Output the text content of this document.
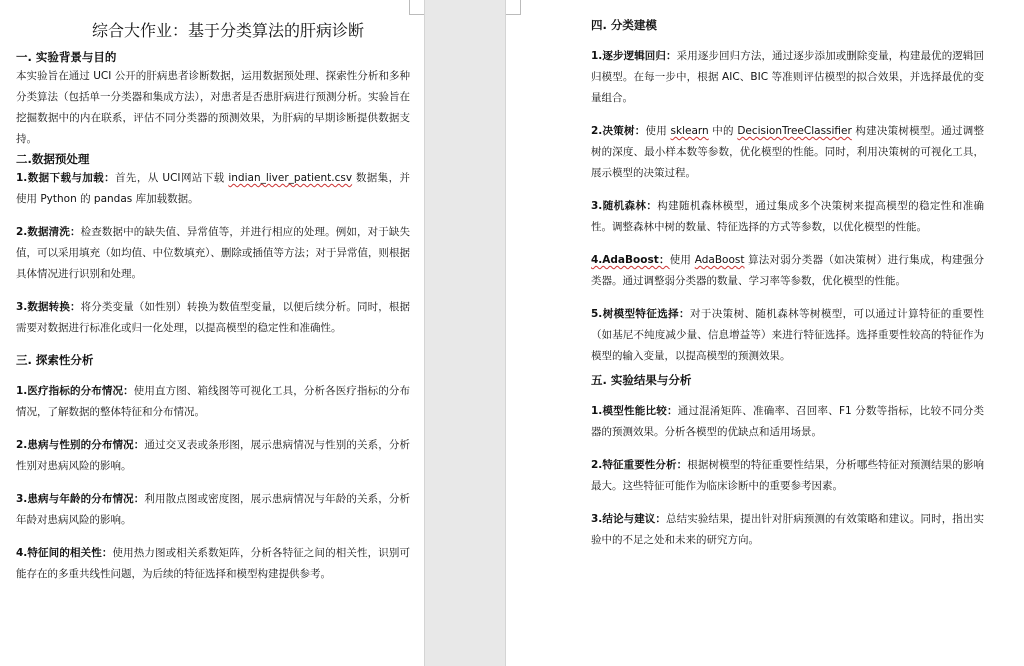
综合大作业：基于分类算法的肝病诊断

一. 实验背景与目的

本实验旨在通过 UCI 公开的肝病患者诊断数据，运用数据预处理、探索性分析和多种分类算法（包括单一分类器和集成方法），对患者是否患肝病进行预测分析。实验旨在挖掘数据中的内在联系，评估不同分类器的预测效果，为肝病的早期诊断提供数据支持。

二.数据预处理

1.数据下载与加载：首先，从 UCI网站下载 indian_liver_patient.csv 数据集，并使用 Python 的 pandas 库加载数据。

2.数据清洗：检查数据中的缺失值、异常值等，并进行相应的处理。例如，对于缺失值，可以采用填充（如均值、中位数填充）、删除或插值等方法；对于异常值，则根据具体情况进行识别和处理。

3.数据转换：将分类变量（如性别）转换为数值型变量，以便后续分析。同时，根据需要对数据进行标准化或归一化处理，以提高模型的稳定性和准确性。

三. 探索性分析

1.医疗指标的分布情况：使用直方图、箱线图等可视化工具，分析各医疗指标的分布情况，了解数据的整体特征和分布情况。

2.患病与性别的分布情况：通过交叉表或条形图，展示患病情况与性别的关系，分析性别对患病风险的影响。

3.患病与年龄的分布情况：利用散点图或密度图，展示患病情况与年龄的关系，分析年龄对患病风险的影响。

4.特征间的相关性：使用热力图或相关系数矩阵，分析各特征之间的相关性，识别可能存在的多重共线性问题，为后续的特征选择和模型构建提供参考。

四. 分类建模

1.逐步逻辑回归：采用逐步回归方法，通过逐步添加或删除变量，构建最优的逻辑回归模型。在每一步中，根据 AIC、BIC 等准则评估模型的拟合效果，并选择最优的变量组合。

2.决策树：使用 sklearn 中的 DecisionTreeClassifier 构建决策树模型。通过调整树的深度、最小样本数等参数，优化模型的性能。同时，利用决策树的可视化工具，展示模型的决策过程。

3.随机森林：构建随机森林模型，通过集成多个决策树来提高模型的稳定性和准确性。调整森林中树的数量、特征选择的方式等参数，以优化模型的性能。

4.AdaBoost：使用 AdaBoost 算法对弱分类器（如决策树）进行集成，构建强分类器。通过调整弱分类器的数量、学习率等参数，优化模型的性能。

5.树模型特征选择：对于决策树、随机森林等树模型，可以通过计算特征的重要性（如基尼不纯度减少量、信息增益等）来进行特征选择。选择重要性较高的特征作为模型的输入变量，以提高模型的预测效果。

五. 实验结果与分析

1.模型性能比较：通过混淆矩阵、准确率、召回率、F1 分数等指标，比较不同分类器的预测效果。分析各模型的优缺点和适用场景。

2.特征重要性分析：根据树模型的特征重要性结果，分析哪些特征对预测结果的影响最大。这些特征可能作为临床诊断中的重要参考因素。

3.结论与建议：总结实验结果，提出针对肝病预测的有效策略和建议。同时，指出实验中的不足之处和未来的研究方向。
